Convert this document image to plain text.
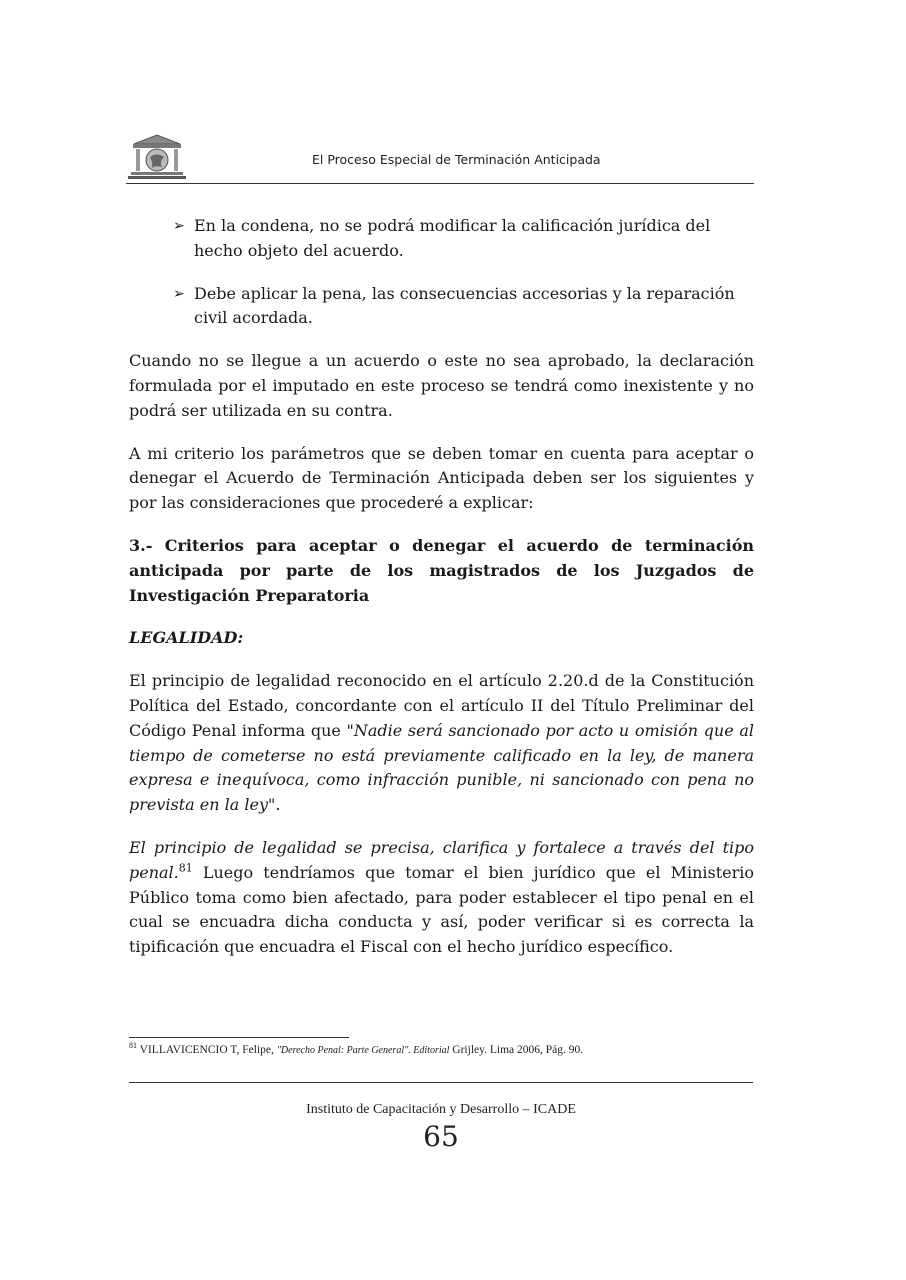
El Proceso Especial de Terminación Anticipada
➢ En la condena, no se podrá modificar la calificación jurídica del hecho objeto del acuerdo.
➢ Debe aplicar la pena, las consecuencias accesorias y la reparación civil acordada.

Cuando no se llegue a un acuerdo o este no sea aprobado, la declaración formulada por el imputado en este proceso se tendrá como inexistente y no podrá ser utilizada en su contra.

A mi criterio los parámetros que se deben tomar en cuenta para aceptar o denegar el Acuerdo de Terminación Anticipada deben ser los siguientes y por las consideraciones que procederé a explicar:

3.- Criterios para aceptar o denegar el acuerdo de terminación anticipada por parte de los magistrados de los Juzgados de Investigación Preparatoria

LEGALIDAD:

El principio de legalidad reconocido en el artículo 2.20.d de la Constitución Política del Estado, concordante con el artículo II del Título Preliminar del Código Penal informa que "Nadie será sancionado por acto u omisión que al tiempo de cometerse no está previamente calificado en la ley, de manera expresa e inequívoca, como infracción punible, ni sancionado con pena no prevista en la ley".

El principio de legalidad se precisa, clarifica y fortalece a través del tipo penal.$^{81}$ Luego tendríamos que tomar el bien jurídico que el Ministerio Público toma como bien afectado, para poder establecer el tipo penal en el cual se encuadra dicha conducta y así, poder verificar si es correcta la tipificación que encuadra el Fiscal con el hecho jurídico específico.

$^{81}$ VILLAVICENCIO T, Felipe, "Derecho Penal: Parte General". Editorial Grijley. Lima 2006, Pág. 90.
Instituto de Capacitación y Desarrollo – ICADE
65
